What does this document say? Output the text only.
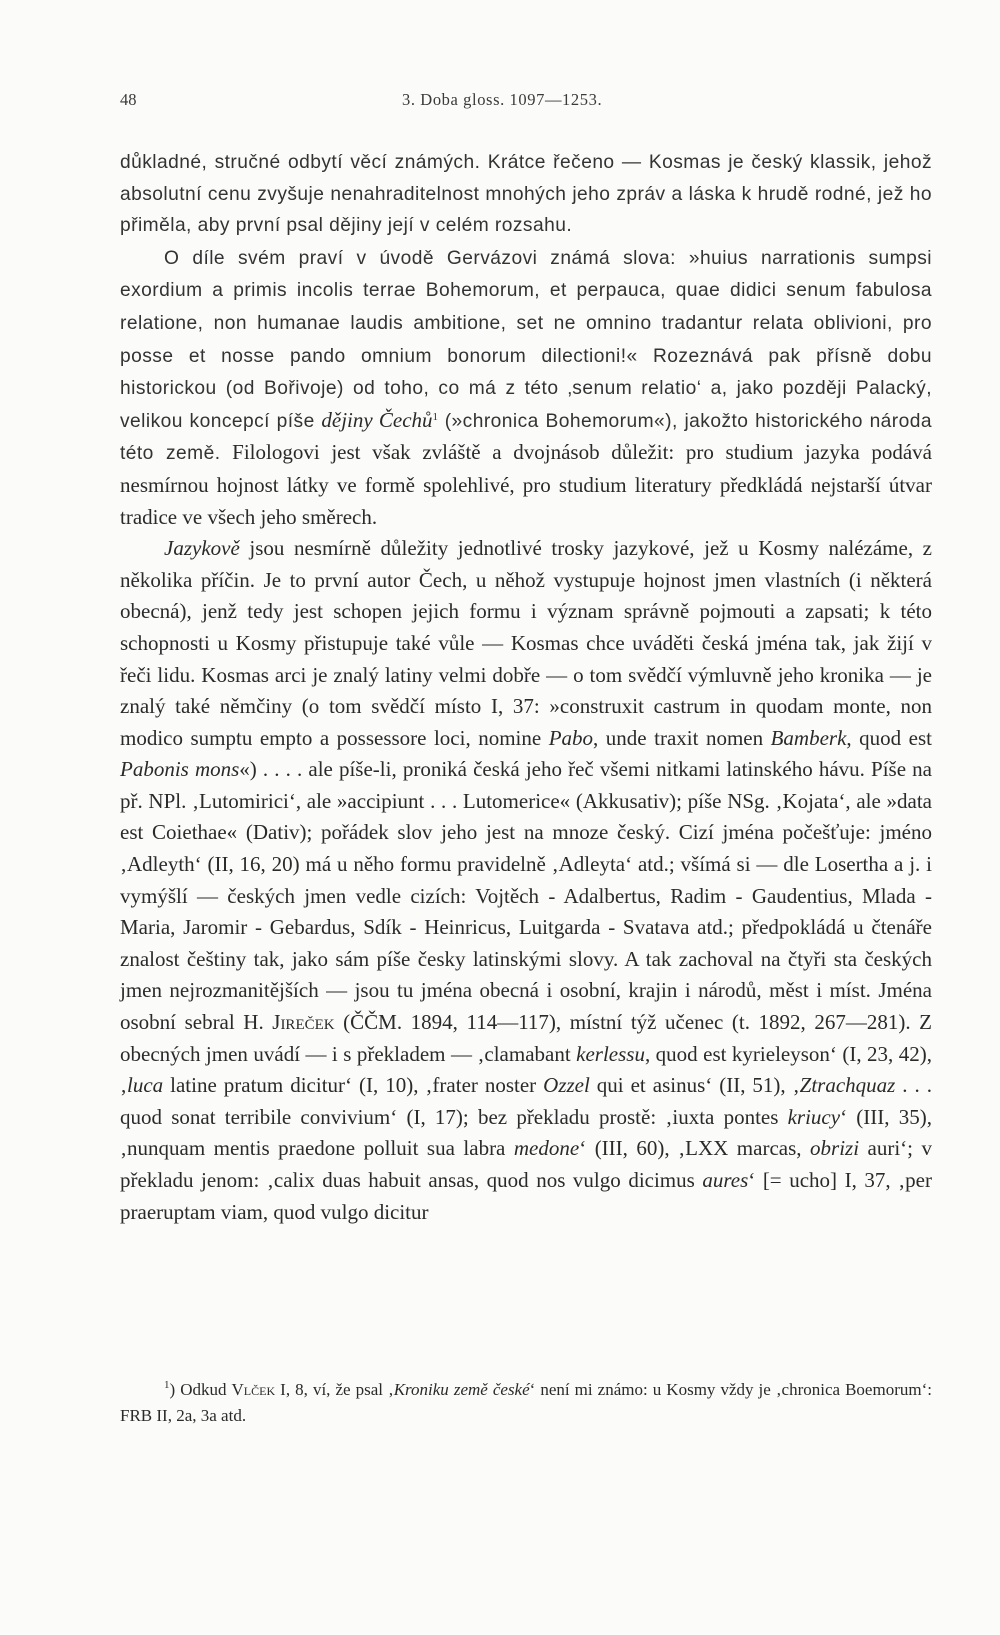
48	3. Doba gloss. 1097—1253.

důkladné, stručné odbytí věcí známých. Krátce řečeno — Kosmas je český klassik, jehož absolutní cenu zvyšuje nenahraditelnost mnohých jeho zpráv a láska k hrudě rodné, jež ho přiměla, aby první psal dějiny její v celém rozsahu.

O díle svém praví v úvodě Gervázovi známá slova: »huius narrationis sumpsi exordium a primis incolis terrae Bohemorum, et perpauca, quae didici senum fabulosa relatione, non humanae laudis ambitione, set ne omnino tradantur relata oblivioni, pro posse et nosse pando omnium bonorum dilectioni!« Rozeznává pak přísně dobu historickou (od Bořivoje) od toho, co má z této ‚senum relatio‘ a, jako později Palacký, velikou koncepcí píše dějiny Čechů$^1$ (»chronica Bohemorum«), jakožto historického národa této země. Filologovi jest však zvláště a dvojnásob důležit: pro studium jazyka podává nesmírnou hojnost látky ve formě spolehlivé, pro studium literatury předkládá nejstarší útvar tradice ve všech jeho směrech.

Jazykově jsou nesmírně důležity jednotlivé trosky jazykové, jež u Kosmy nalézáme, z několika příčin. Je to první autor Čech, u něhož vystupuje hojnost jmen vlastních (i některá obecná), jenž tedy jest schopen jejich formu i význam správně pojmouti a zapsati; k této schopnosti u Kosmy přistupuje také vůle — Kosmas chce uváděti česká jména tak, jak žijí v řeči lidu. Kosmas arci je znalý latiny velmi dobře — o tom svědčí výmluvně jeho kronika — je znalý také němčiny (o tom svědčí místo I, 37: »construxit castrum in quodam monte, non modico sumptu empto a possessore loci, nomine Pabo, unde traxit nomen Bamberk, quod est Pabonis mons«) . . . . ale píše-li, proniká česká jeho řeč všemi nitkami latinského hávu. Píše na př. NPl. ‚Lutomirici‘, ale »accipiunt . . . Lutomerice« (Akkusativ); píše NSg. ‚Kojata‘, ale »data est Coiethae« (Dativ); pořádek slov jeho jest na mnoze český. Cizí jména počešťuje: jméno ‚Adleyth‘ (II, 16, 20) má u něho formu pravidelně ‚Adleyta‘ atd.; všímá si — dle Losertha a j. i vymýšlí — českých jmen vedle cizích: Vojtěch - Adalbertus, Radim - Gaudentius, Mlada - Maria, Jaromir - Gebardus, Sdík - Heinricus, Luitgarda - Svatava atd.; předpokládá u čtenáře znalost češtiny tak, jako sám píše česky latinskými slovy. A tak zachoval na čtyři sta českých jmen nejrozmanitějších — jsou tu jména obecná i osobní, krajin i národů, měst i míst. Jména osobní sebral H. Jireček (ČČM. 1894, 114—117), místní týž učenec (t. 1892, 267—281). Z obecných jmen uvádí — i s překladem — ‚clamabant kerlessu, quod est kyrieleyson‘ (I, 23, 42), ‚luca latine pratum dicitur‘ (I, 10), ‚frater noster Ozzel qui et asinus‘ (II, 51), ‚Ztrachquaz . . . quod sonat terribile convivium‘ (I, 17); bez překladu prostě: ‚iuxta pontes kriucy‘ (III, 35), ‚nunquam mentis praedone polluit sua labra medone‘ (III, 60), ‚LXX marcas, obrizi auri‘; v překladu jenom: ‚calix duas habuit ansas, quod nos vulgo dicimus aures‘ [= ucho] I, 37, ‚per praeruptam viam, quod vulgo dicitur

$^1$) Odkud Vlček I, 8, ví, že psal ‚Kroniku země české‘ není mi známo: u Kosmy vždy je ‚chronica Boemorum‘: FRB II, 2a, 3a atd.
